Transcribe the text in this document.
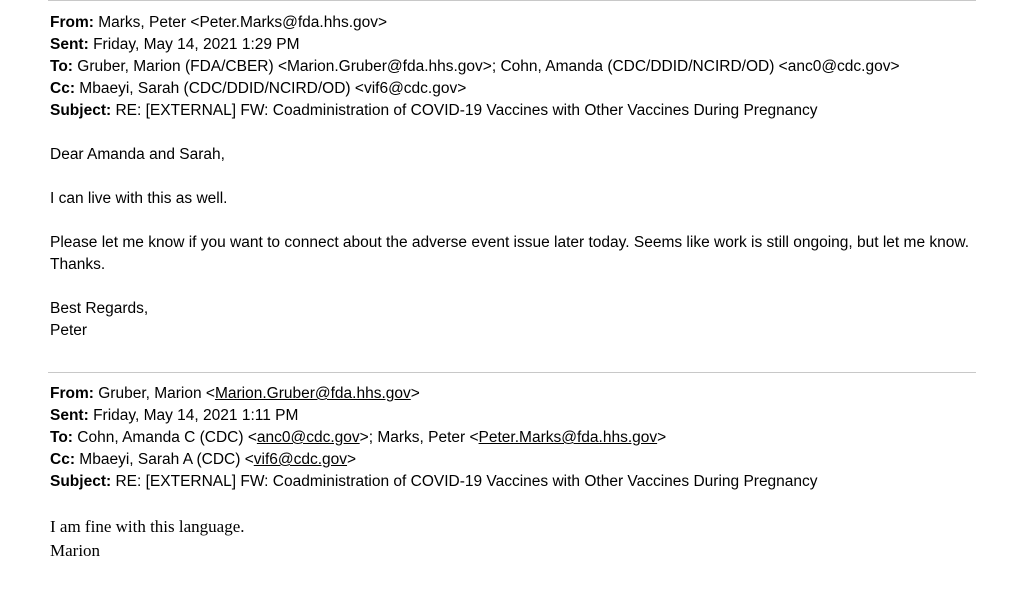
From: Marks, Peter <Peter.Marks@fda.hhs.gov>
Sent: Friday, May 14, 2021 1:29 PM
To: Gruber, Marion (FDA/CBER) <Marion.Gruber@fda.hhs.gov>; Cohn, Amanda (CDC/DDID/NCIRD/OD) <anc0@cdc.gov>
Cc: Mbaeyi, Sarah (CDC/DDID/NCIRD/OD) <vif6@cdc.gov>
Subject: RE: [EXTERNAL] FW: Coadministration of COVID-19 Vaccines with Other Vaccines During Pregnancy
Dear Amanda and Sarah,
I can live with this as well.
Please let me know if you want to connect about the adverse event issue later today. Seems like work is still ongoing, but let me know. Thanks.
Best Regards,
Peter
From: Gruber, Marion <Marion.Gruber@fda.hhs.gov>
Sent: Friday, May 14, 2021 1:11 PM
To: Cohn, Amanda C (CDC) <anc0@cdc.gov>; Marks, Peter <Peter.Marks@fda.hhs.gov>
Cc: Mbaeyi, Sarah A (CDC) <vif6@cdc.gov>
Subject: RE: [EXTERNAL] FW: Coadministration of COVID-19 Vaccines with Other Vaccines During Pregnancy
I am fine with this language.
Marion
